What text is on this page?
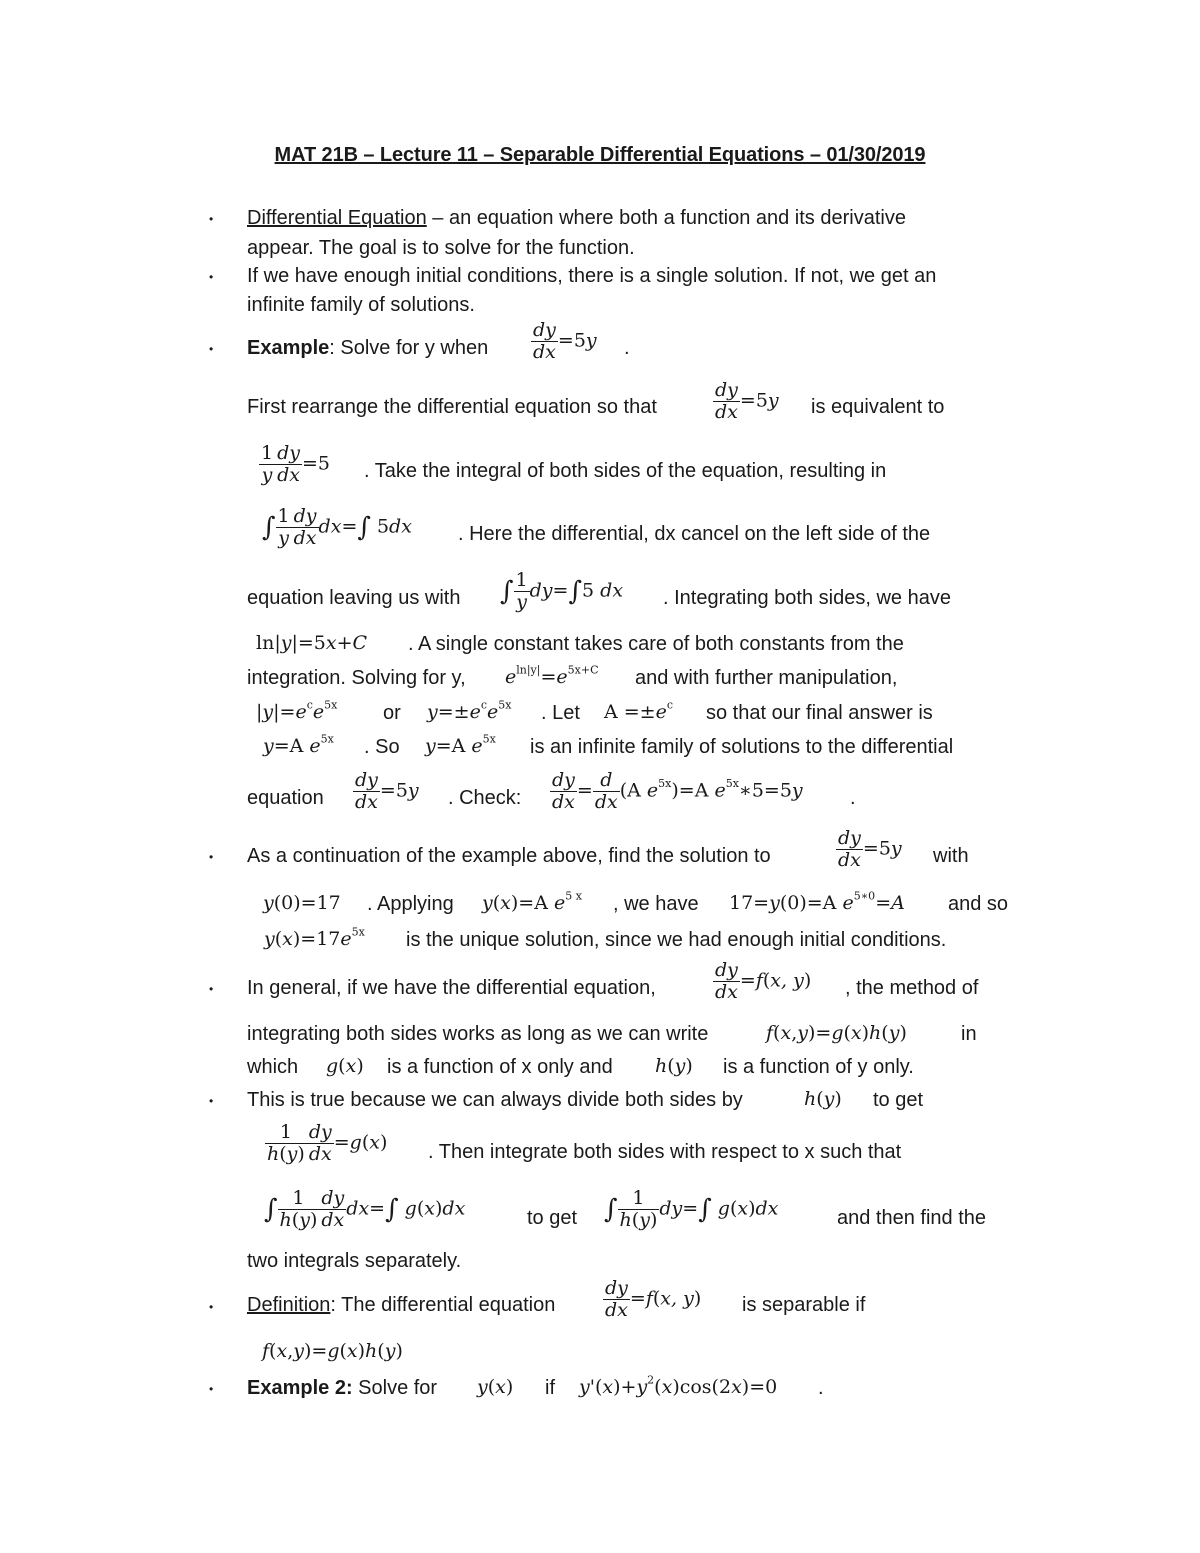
MAT 21B – Lecture 11 – Separable Differential Equations – 01/30/2019
• Differential Equation – an equation where both a function and its derivative
appear. The goal is to solve for the function.
• If we have enough initial conditions, there is a single solution. If not, we get an
infinite family of solutions.
• Example: Solve for y when $\frac{dy}{dx} =5y$ .
First rearrange the differential equation so that	$\frac{dy}{dx} =5y$ is equivalent to
$\frac{1}{y} \frac{dy}{dx} =5$ . Take the integral of both sides of the equation, resulting in
∫ $\frac{1}{y} \frac{dy}{dx} dx=\int$ 5dx . Here the differential, dx cancel on the left side of the
equation leaving us with ∫ $\frac{1}{y} dy=\int 5$ dx . Integrating both sides, we have
ln|y|=5x+C . A single constant takes care of both constants from the
integration. Solving for y, $e^{ln|y|}=e^{5x+C}$ and with further manipulation,
$|y|=e^ce^{5x}$ or $y=\pm e^ce^{5x}$ . Let $A =\pm e^c$ so that our final answer is
y=A $e^{5x}$ . So y=A $e^{5x}$ is an infinite family of solutions to the differential
equation $\frac{dy}{dx} =5y$ . Check: $\frac{dy}{dx} = \frac{d}{dx} (A$ $e^{5x})=A$ $e^{5x}∗5=5y$ .
• As a continuation of the example above, find the solution to	$\frac{dy}{dx} =5y$ with
y(0)=17 . Applying y(x)=A $e^{5 x}$ , we have 17=y(0)=A $e^{5∗0}=A$ and so
$y(x)=17e^{5x}$ is the unique solution, since we had enough initial conditions.
• In general, if we have the differential equation,	$\frac{dy}{dx} =f(x$, y) , the method of
integrating both sides works as long as we can write	f(x,y)=g(x)h(y)	in
which g(x) is a function of x only and h(y) is a function of y only.
• This is true because we can always divide both sides by	h(y) to get
$\frac{1}{h(y)} \frac{dy}{dx} =g(x)$ . Then integrate both sides with respect to x such that
∫ $\frac{1}{h(y)} \frac{dy}{dx} dx=\int$ g(x)dx	to get ∫ $\frac{1}{h(y)} dy=\int$ g(x)dx	and then find the
two integrals separately.
• Definition: The differential equation	$\frac{dy}{dx} =f(x$, y) is separable if
f(x,y)=g(x)h(y)
• Example 2: Solve for y(x) if $y'(x)+y^2(x)\cos(2x)=0$ .
